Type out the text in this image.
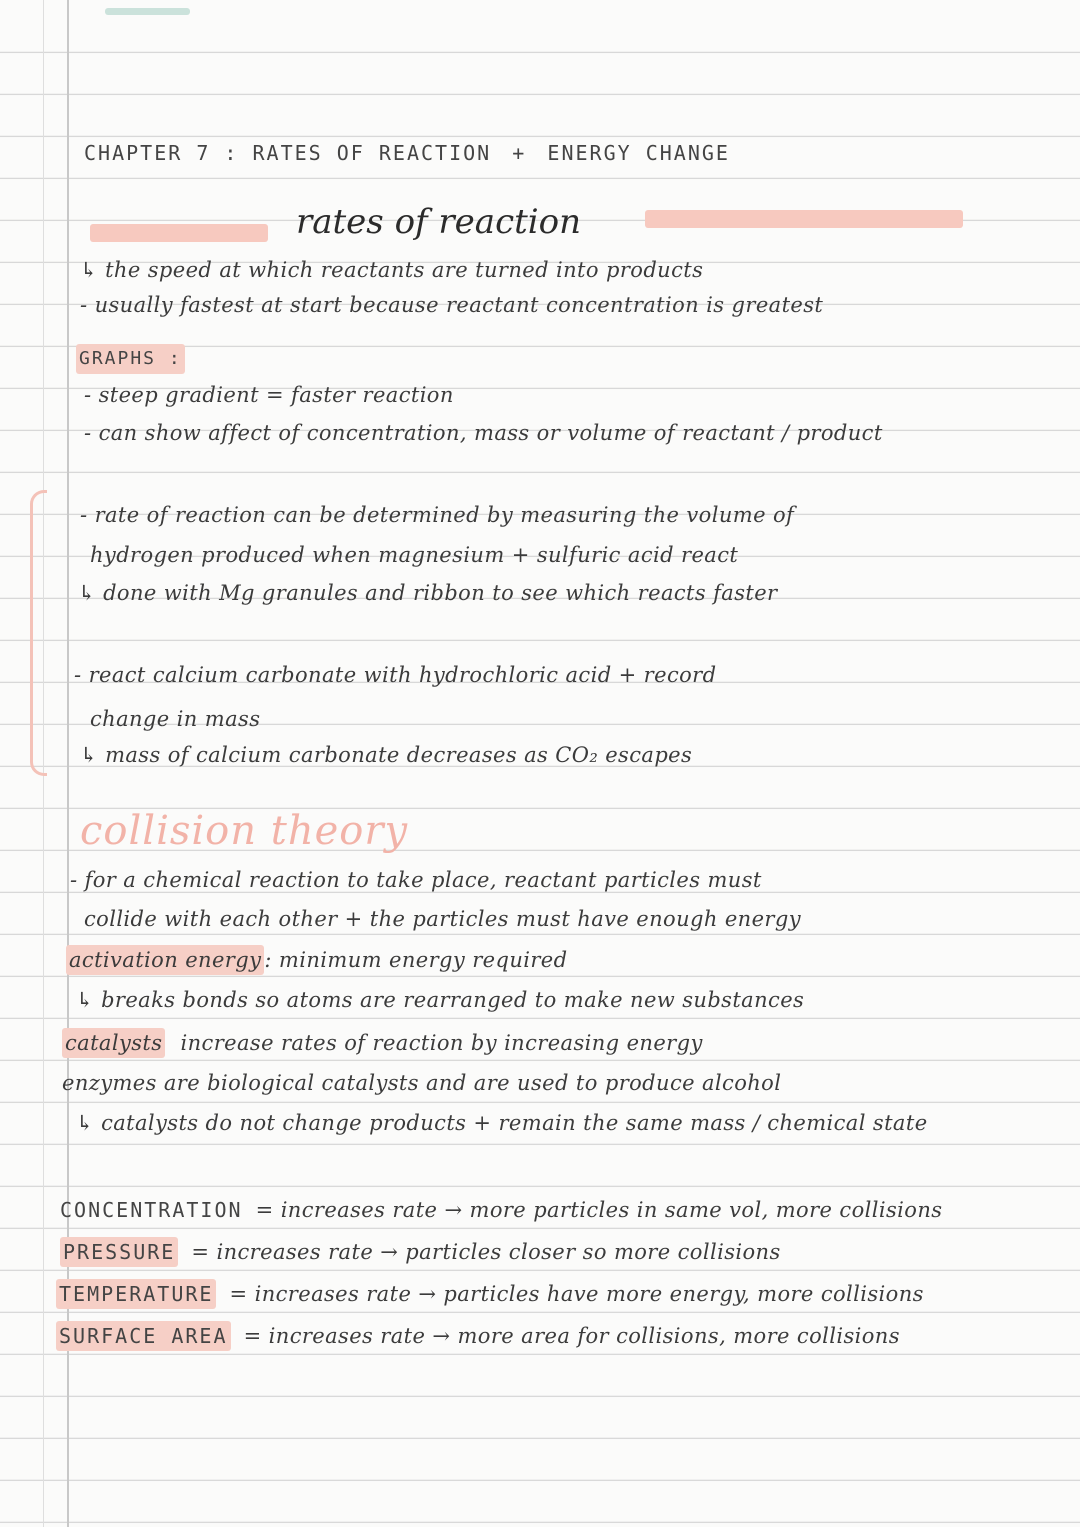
CHAPTER 7 : RATES OF REACTION + ENERGY CHANGE
rates of reaction
↳ the speed at which reactants are turned into products
- usually fastest at start because reactant concentration is greatest
GRAPHS :
- steep gradient = faster reaction
- can show affect of concentration, mass or volume of reactant / product
- rate of reaction can be determined by measuring the volume of
hydrogen produced when magnesium + sulfuric acid react
↳ done with Mg granules and ribbon to see which reacts faster
- react calcium carbonate with hydrochloric acid + record
change in mass
↳ mass of calcium carbonate decreases as CO₂ escapes
collision theory
- for a chemical reaction to take place, reactant particles must
collide with each other + the particles must have enough energy
activation energy : minimum energy required
↳ breaks bonds so atoms are rearranged to make new substances
catalysts increase rates of reaction by increasing energy
enzymes are biological catalysts and are used to produce alcohol
↳ catalysts do not change products + remain the same mass / chemical state
CONCENTRATION = increases rate → more particles in same vol, more collisions
PRESSURE = increases rate → particles closer so more collisions
TEMPERATURE = increases rate → particles have more energy, more collisions
SURFACE AREA = increases rate → more area for collisions, more collisions
